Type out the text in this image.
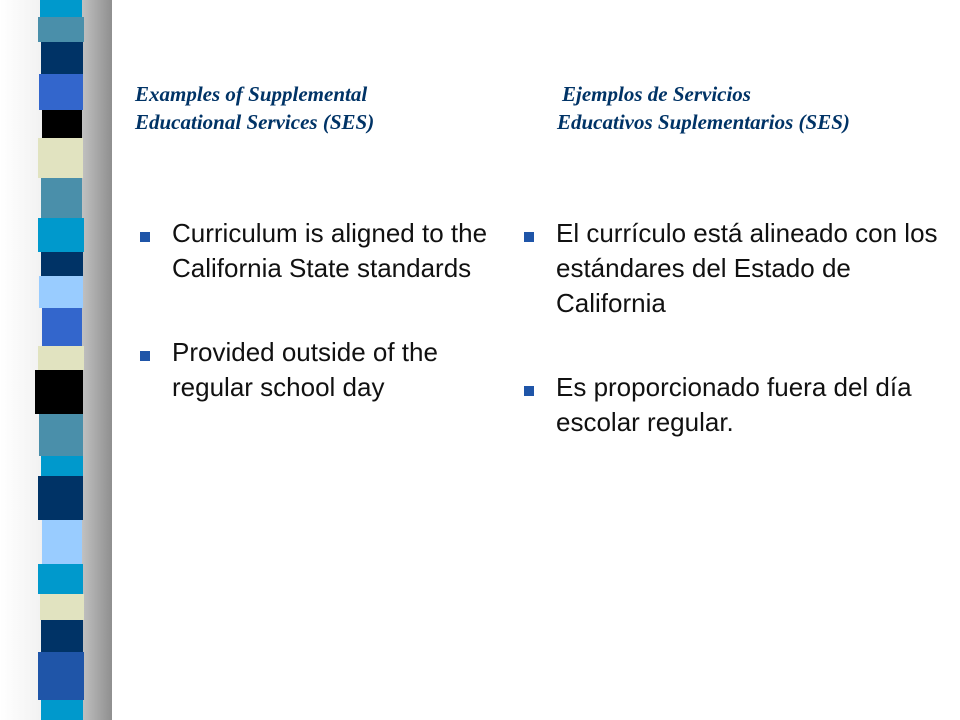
Examples of Supplemental
Educational Services (SES)
Ejemplos de Servicios
Educativos Suplementarios (SES)
Curriculum is aligned to the California State standards
Provided outside of the regular school day
El currículo está alineado con los estándares del Estado de California
Es proporcionado fuera del día escolar regular.
